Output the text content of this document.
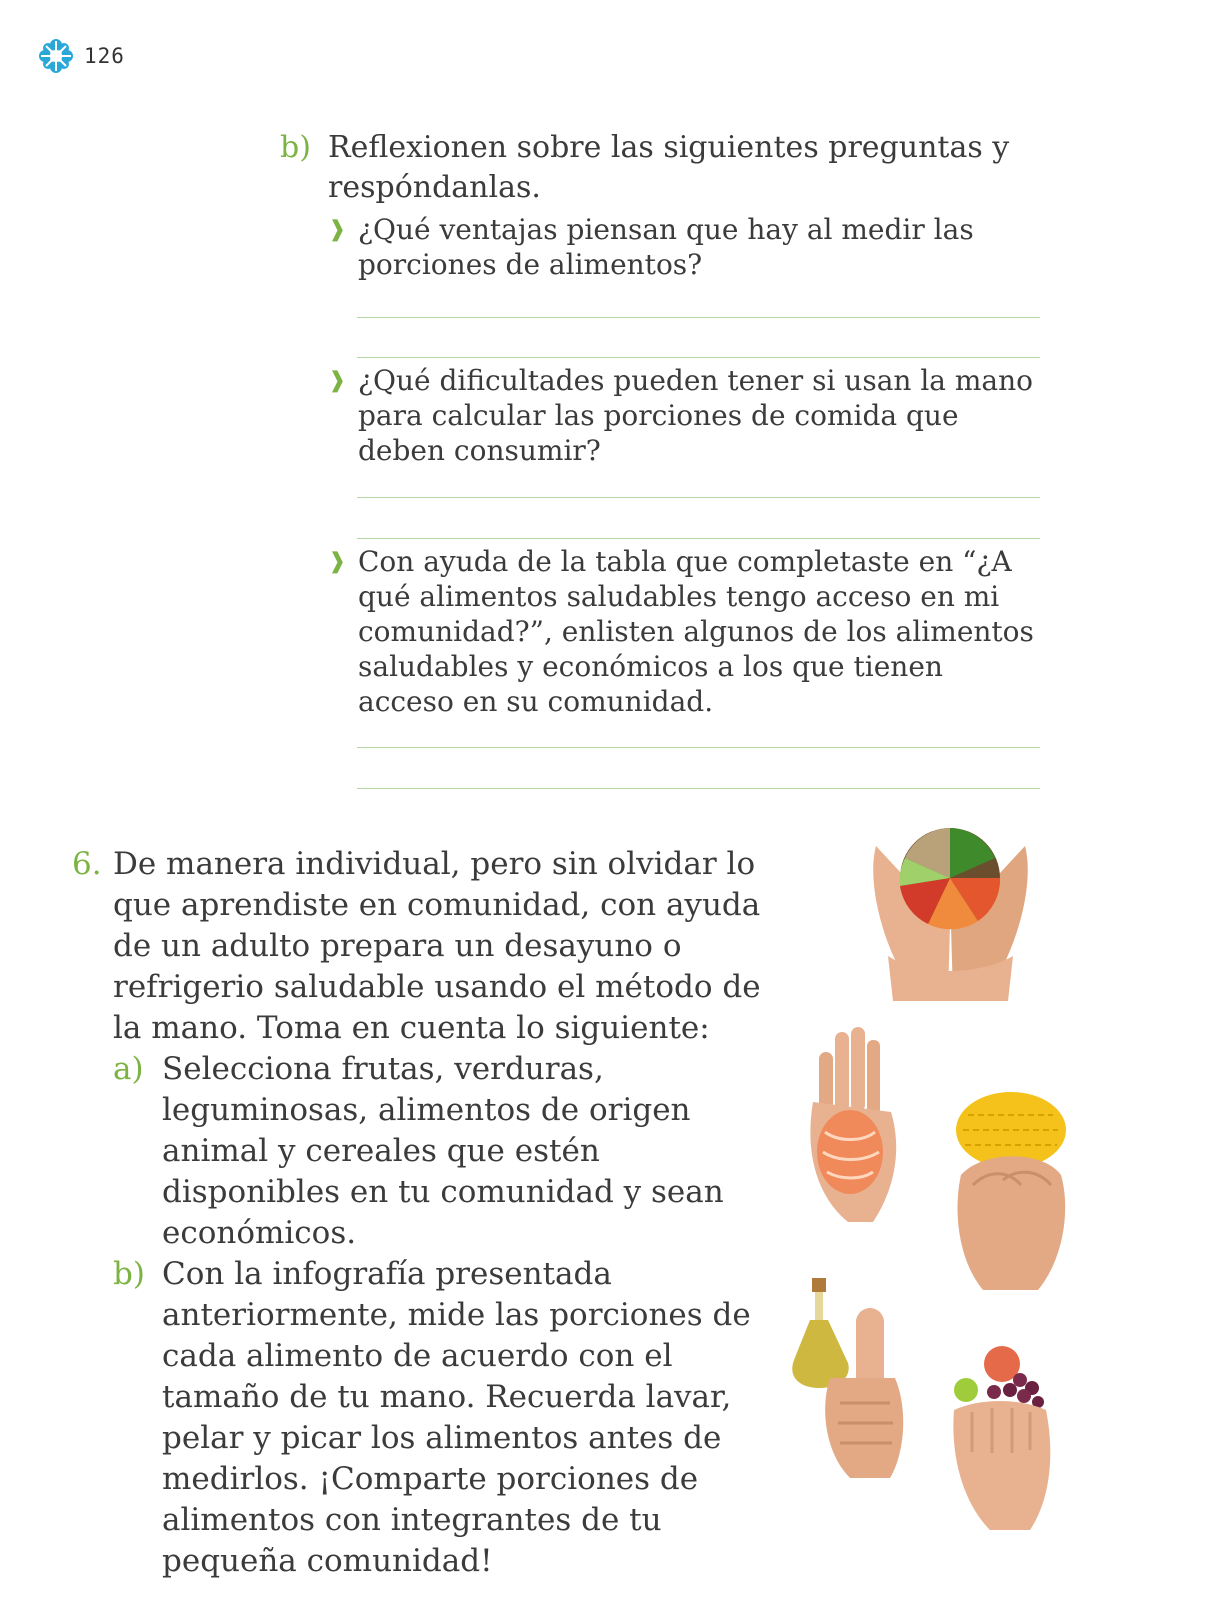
126
b) Reflexionen sobre las siguientes preguntas y respóndanlas.
❱ ¿Qué ventajas piensan que hay al medir las porciones de alimentos?
❱ ¿Qué dificultades pueden tener si usan la mano para calcular las porciones de comida que deben consumir?
❱ Con ayuda de la tabla que completaste en “¿A qué alimentos saludables tengo acceso en mi comunidad?”, enlisten algunos de los alimentos saludables y económicos a los que tienen acceso en su comunidad.
6. De manera individual, pero sin olvidar lo que aprendiste en comunidad, con ayuda de un adulto prepara un desayuno o refrigerio saludable usando el método de la mano. Toma en cuenta lo siguiente:
a) Selecciona frutas, verduras, leguminosas, alimentos de origen animal y cereales que estén disponibles en tu comunidad y sean económicos.
b) Con la infografía presentada anteriormente, mide las porciones de cada alimento de acuerdo con el tamaño de tu mano. Recuerda lavar, pelar y picar los alimentos antes de medirlos. ¡Comparte porciones de alimentos con integrantes de tu pequeña comunidad!
